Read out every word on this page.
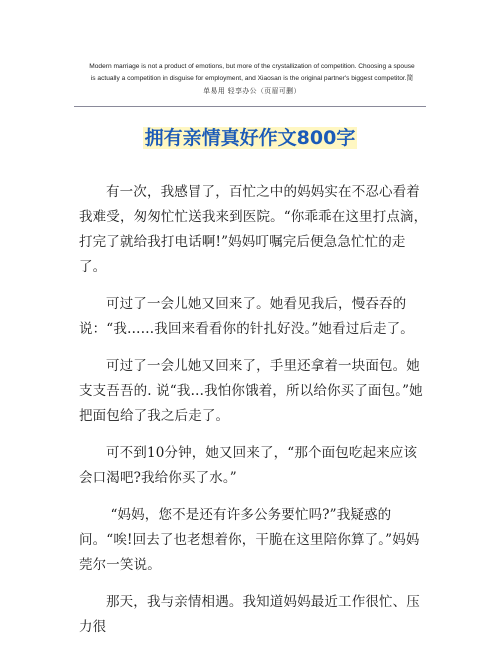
Modern marriage is not a product of emotions, but more of the crystallization of competition. Choosing a spouse
is actually a competition in disguise for employment, and Xiaosan is the original partner's biggest competitor.简
单易用 轻享办公（页眉可删）
拥有亲情真好作文800字

有一次，我感冒了，百忙之中的妈妈实在不忍心看着我难受，匆匆忙忙送我来到医院。“你乖乖在这里打点滴，打完了就给我打电话啊!”妈妈叮嘱完后便急急忙忙的走了。

可过了一会儿她又回来了。她看见我后，慢吞吞的说：“我……我回来看看你的针扎好没。”她看过后走了。

可过了一会儿她又回来了，手里还拿着一块面包。她支支吾吾的. 说“我…我怕你饿着，所以给你买了面包。”她把面包给了我之后走了。

可不到10分钟，她又回来了，“那个面包吃起来应该会口渴吧?我给你买了水。”

“妈妈，您不是还有许多公务要忙吗?”我疑惑的问。“唉!回去了也老想着你，干脆在这里陪你算了。”妈妈莞尔一笑说。

那天，我与亲情相遇。我知道妈妈最近工作很忙、压力很
